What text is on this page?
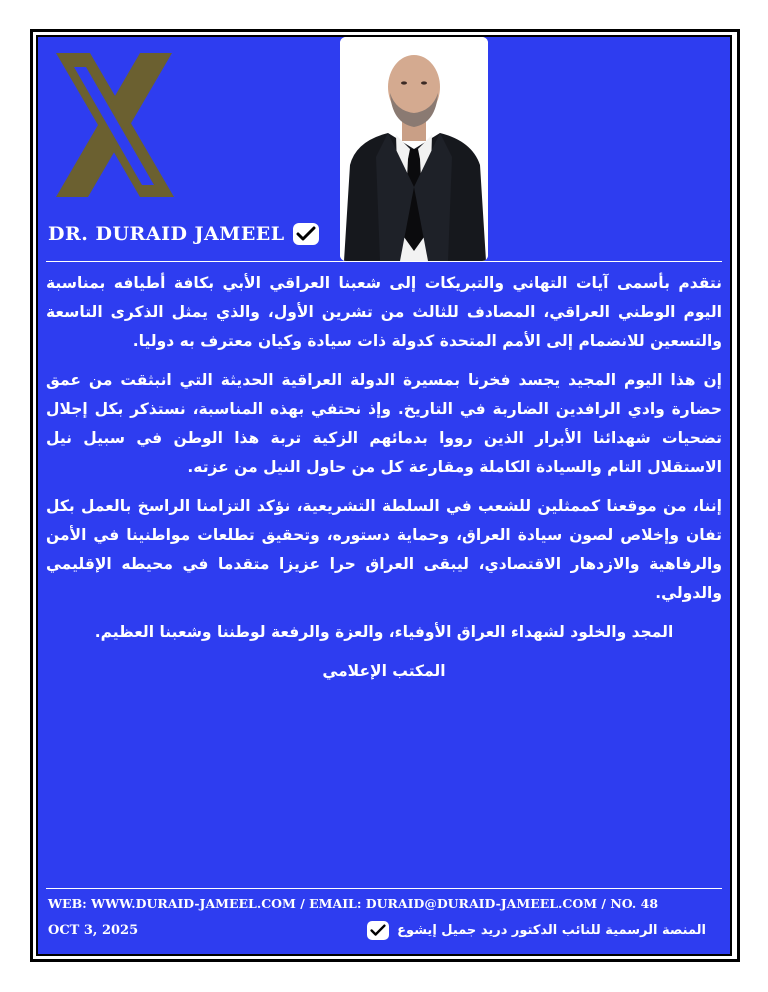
DR. DURAID JAMEEL

نتقدم بأسمى آيات التهاني والتبريكات إلى شعبنا العراقي الأبي بكافة أطيافه بمناسبة اليوم الوطني العراقي، المصادف للثالث من تشرين الأول، والذي يمثل الذكرى التاسعة والتسعين للانضمام إلى الأمم المتحدة كدولة ذات سيادة وكيان معترف به دوليا.

إن هذا اليوم المجيد يجسد فخرنا بمسيرة الدولة العراقية الحديثة التي انبثقت من عمق حضارة وادي الرافدين الضاربة في التاريخ. وإذ نحتفي بهذه المناسبة، نستذكر بكل إجلال تضحيات شهدائنا الأبرار الذين رووا بدمائهم الزكية تربة هذا الوطن في سبيل نيل الاستقلال التام والسيادة الكاملة ومقارعة كل من حاول النيل من عزته.

إننا، من موقعنا كممثلين للشعب في السلطة التشريعية، نؤكد التزامنا الراسخ بالعمل بكل تفان وإخلاص لصون سيادة العراق، وحماية دستوره، وتحقيق تطلعات مواطنينا في الأمن والرفاهية والازدهار الاقتصادي، ليبقى العراق حرا عزيزا متقدما في محيطه الإقليمي والدولي.

المجد والخلود لشهداء العراق الأوفياء، والعزة والرفعة لوطننا وشعبنا العظيم.

المكتب الإعلامي

WEB: WWW.DURAID-JAMEEL.COM / EMAIL: DURAID@DURAID-JAMEEL.COM / NO. 48
OCT 3, 2025	المنصة الرسمية للنائب الدكتور دريد جميل إيشوع
